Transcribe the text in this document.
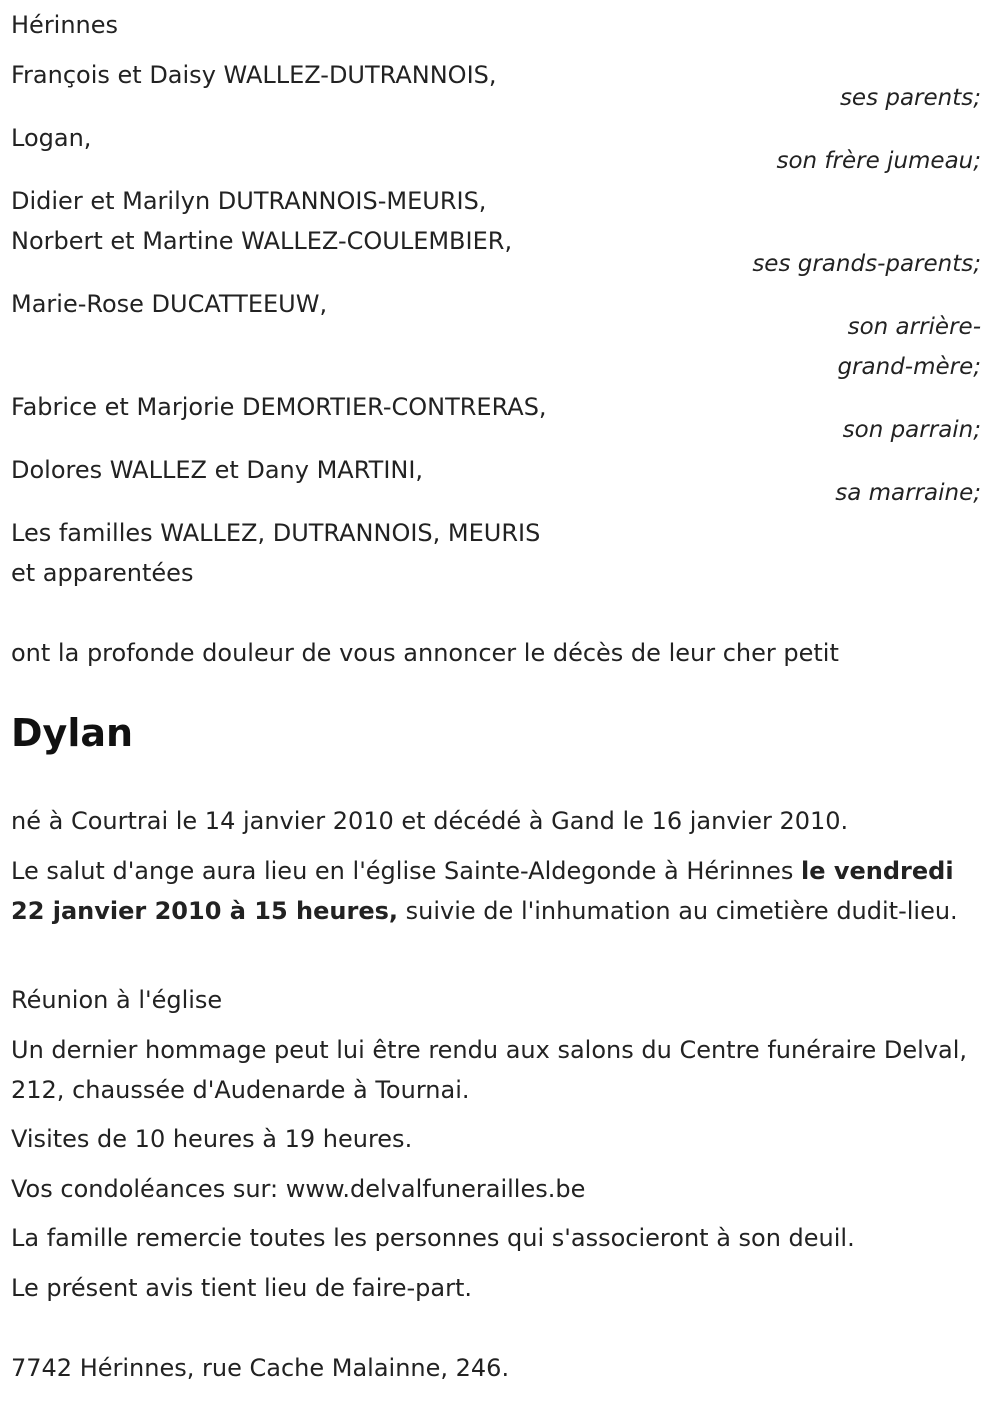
Hérinnes
François et Daisy WALLEZ-DUTRANNOIS,
ses parents;
Logan,
son frère jumeau;
Didier et Marilyn DUTRANNOIS-MEURIS,
Norbert et Martine WALLEZ-COULEMBIER,
ses grands-parents;
Marie-Rose DUCATTEEUW,
son arrière-
grand-mère;
Fabrice et Marjorie DEMORTIER-CONTRERAS,
son parrain;
Dolores WALLEZ et Dany MARTINI,
sa marraine;
Les familles WALLEZ, DUTRANNOIS, MEURIS
et apparentées
ont la profonde douleur de vous annoncer le décès de leur cher petit
Dylan
né à Courtrai le 14 janvier 2010 et décédé à Gand le 16 janvier 2010.
Le salut d'ange aura lieu en l'église Sainte-Aldegonde à Hérinnes le vendredi 22 janvier 2010 à 15 heures, suivie de l'inhumation au cimetière dudit-lieu.
Réunion à l'église
Un dernier hommage peut lui être rendu aux salons du Centre funéraire Delval, 212, chaussée d'Audenarde à Tournai.
Visites de 10 heures à 19 heures.
Vos condoléances sur: www.delvalfunerailles.be
La famille remercie toutes les personnes qui s'associeront à son deuil.
Le présent avis tient lieu de faire-part.
7742 Hérinnes, rue Cache Malainne, 246.
